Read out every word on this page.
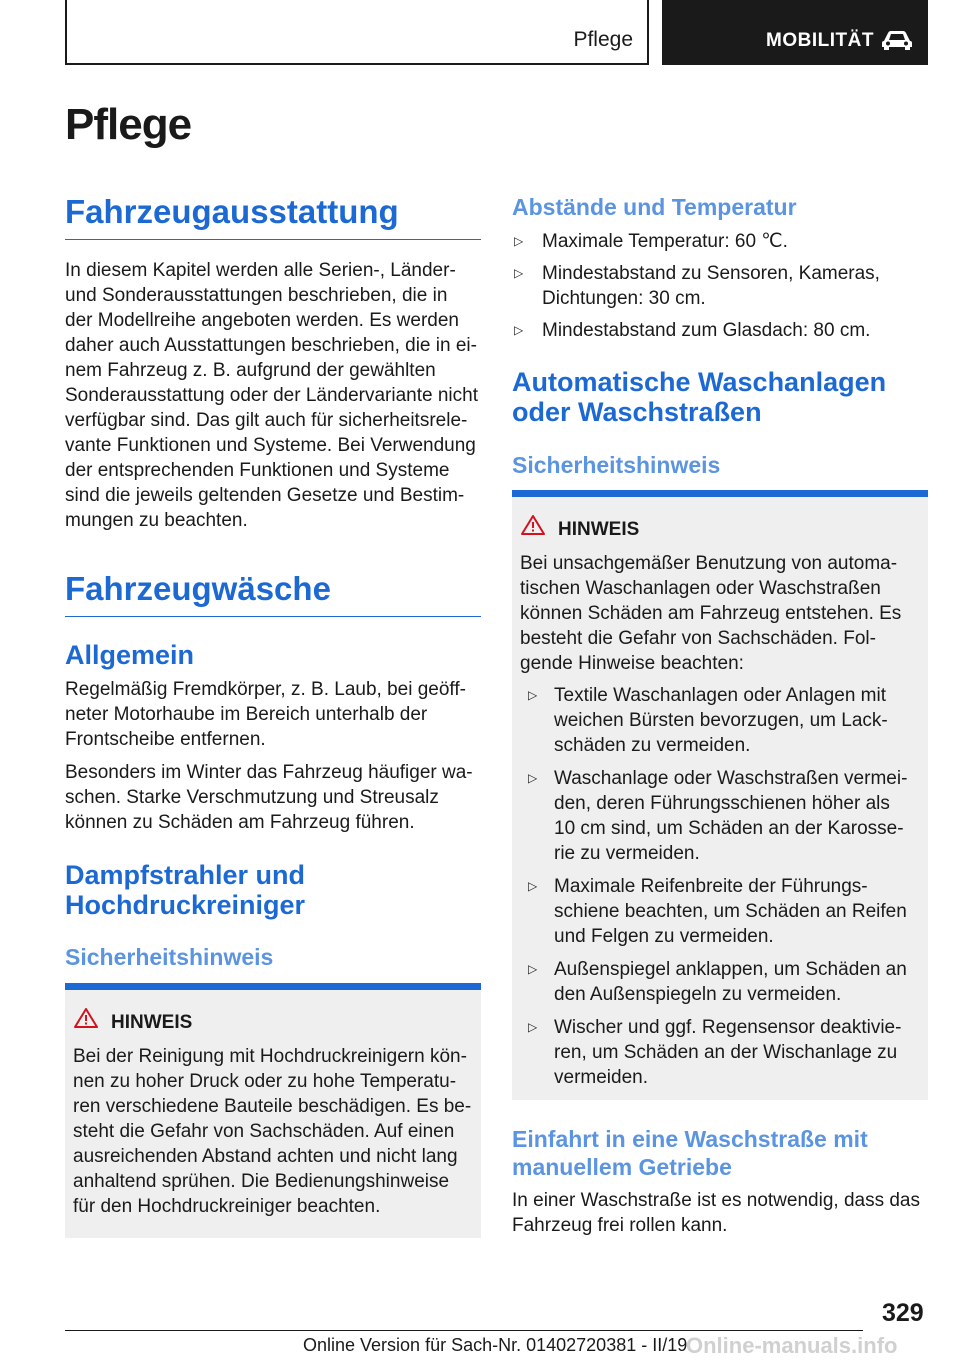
Pflege	MOBILITÄT
Pflege
Fahrzeugausstattung
In diesem Kapitel werden alle Serien-, Länder-
und Sonderausstattungen beschrieben, die in
der Modellreihe angeboten werden. Es werden
daher auch Ausstattungen beschrieben, die in ei-
nem Fahrzeug z. B. aufgrund der gewählten
Sonderausstattung oder der Ländervariante nicht
verfügbar sind. Das gilt auch für sicherheitsrele-
vante Funktionen und Systeme. Bei Verwendung
der entsprechenden Funktionen und Systeme
sind die jeweils geltenden Gesetze und Bestim-
mungen zu beachten.
Fahrzeugwäsche
Allgemein
Regelmäßig Fremdkörper, z. B. Laub, bei geöff-
neter Motorhaube im Bereich unterhalb der
Frontscheibe entfernen.
Besonders im Winter das Fahrzeug häufiger wa-
schen. Starke Verschmutzung und Streusalz
können zu Schäden am Fahrzeug führen.
Dampfstrahler und
Hochdruckreiniger
Sicherheitshinweis
HINWEIS
Bei der Reinigung mit Hochdruckreinigern kön-
nen zu hoher Druck oder zu hohe Temperatu-
ren verschiedene Bauteile beschädigen. Es be-
steht die Gefahr von Sachschäden. Auf einen
ausreichenden Abstand achten und nicht lang
anhaltend sprühen. Die Bedienungshinweise
für den Hochdruckreiniger beachten.
Abstände und Temperatur
▷ Maximale Temperatur: 60 ℃.
▷ Mindestabstand zu Sensoren, Kameras,
Dichtungen: 30 cm.
▷ Mindestabstand zum Glasdach: 80 cm.
Automatische Waschanlagen
oder Waschstraßen
Sicherheitshinweis
HINWEIS
Bei unsachgemäßer Benutzung von automa-
tischen Waschanlagen oder Waschstraßen
können Schäden am Fahrzeug entstehen. Es
besteht die Gefahr von Sachschäden. Fol-
gende Hinweise beachten:
▷ Textile Waschanlagen oder Anlagen mit
weichen Bürsten bevorzugen, um Lack-
schäden zu vermeiden.
▷ Waschanlage oder Waschstraßen vermei-
den, deren Führungsschienen höher als
10 cm sind, um Schäden an der Karosse-
rie zu vermeiden.
▷ Maximale Reifenbreite der Führungs-
schiene beachten, um Schäden an Reifen
und Felgen zu vermeiden.
▷ Außenspiegel anklappen, um Schäden an
den Außenspiegeln zu vermeiden.
▷ Wischer und ggf. Regensensor deaktivie-
ren, um Schäden an der Wischanlage zu
vermeiden.
Einfahrt in eine Waschstraße mit
manuellem Getriebe
In einer Waschstraße ist es notwendig, dass das
Fahrzeug frei rollen kann.
329
Online Version für Sach-Nr. 01402720381 - II/19
Online-manuals.info
